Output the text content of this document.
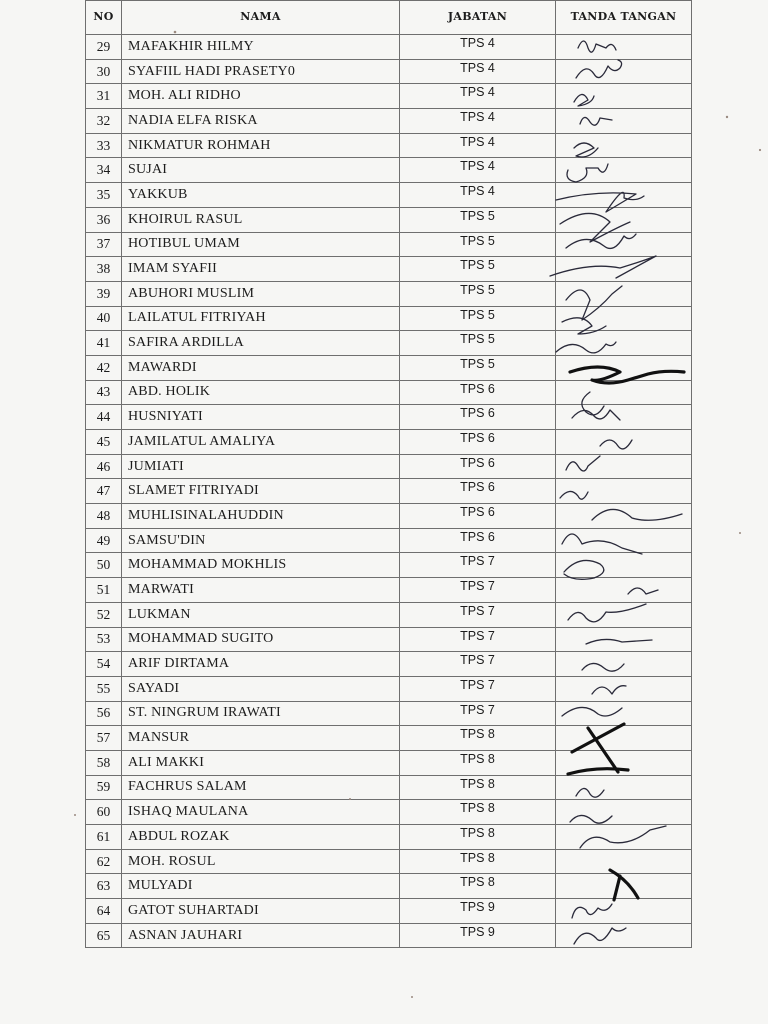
NO	NAMA	JABATAN	TANDA TANGAN
29	MAFAKHIR HILMY	TPS 4	
30	SYAFIIL HADI PRASETY0	TPS 4	
31	MOH. ALI RIDHO	TPS 4	
32	NADIA ELFA RISKA	TPS 4	
33	NIKMATUR ROHMAH	TPS 4	
34	SUJAI	TPS 4	
35	YAKKUB	TPS 4	
36	KHOIRUL RASUL	TPS 5	
37	HOTIBUL UMAM	TPS 5	
38	IMAM SYAFII	TPS 5	
39	ABUHORI MUSLIM	TPS 5	
40	LAILATUL FITRIYAH	TPS 5	
41	SAFIRA ARDILLA	TPS 5	
42	MAWARDI	TPS 5	
43	ABD. HOLIK	TPS 6	
44	HUSNIYATI	TPS 6	
45	JAMILATUL AMALIYA	TPS 6	
46	JUMIATI	TPS 6	
47	SLAMET FITRIYADI	TPS 6	
48	MUHLISINALAHUDDIN	TPS 6	
49	SAMSU'DIN	TPS 6	
50	MOHAMMAD MOKHLIS	TPS 7	
51	MARWATI	TPS 7	
52	LUKMAN	TPS 7	
53	MOHAMMAD SUGITO	TPS 7	
54	ARIF DIRTAMA	TPS 7	
55	SAYADI	TPS 7	
56	ST. NINGRUM IRAWATI	TPS 7	
57	MANSUR	TPS 8	
58	ALI MAKKI	TPS 8	
59	FACHRUS SALAM	TPS 8	
60	ISHAQ MAULANA	TPS 8	
61	ABDUL ROZAK	TPS 8	
62	MOH. ROSUL	TPS 8	
63	MULYADI	TPS 8	
64	GATOT SUHARTADI	TPS 9	
65	ASNAN JAUHARI	TPS 9	
